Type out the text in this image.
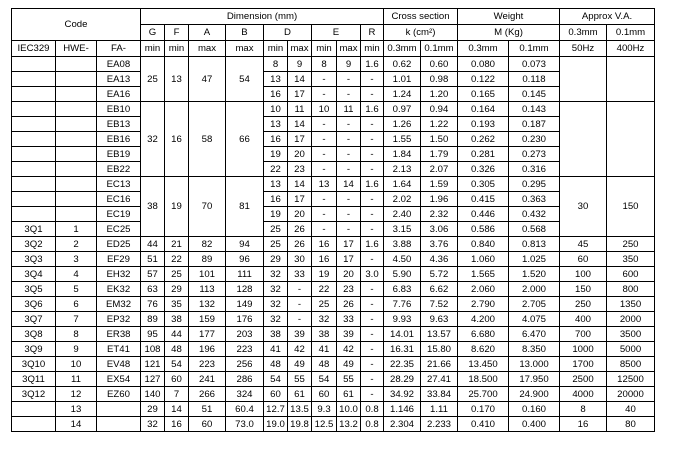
Code			Dimension (mm)									Cross section		Weight		Approx V.A.	
			G	F	A	B	D		E		R	k (cm²)		M (Kg)		0.3mm	0.1mm
IEC329	HWE-	FA-	min	min	max	max	min	max	min	max	min	0.3mm	0.1mm	0.3mm	0.1mm	50Hz	400Hz
		EA08	25	13	47	54	8	9	8	9	1.6	0.62	0.60	0.080	0.073		
		EA13					13	14	-	-	-	1.01	0.98	0.122	0.118		
		EA16					16	17	-	-	-	1.24	1.20	0.165	0.145		
		EB10	32	16	58	66	10	11	10	11	1.6	0.97	0.94	0.164	0.143		
		EB13					13	14	-	-	-	1.26	1.22	0.193	0.187		
		EB16					16	17	-	-	-	1.55	1.50	0.262	0.230		
		EB19					19	20	-	-	-	1.84	1.79	0.281	0.273		
		EB22					22	23	-	-	-	2.13	2.07	0.326	0.316		
		EC13	38	19	70	81	13	14	13	14	1.6	1.64	1.59	0.305	0.295	30	150
		EC16					16	17	-	-	-	2.02	1.96	0.415	0.363		
		EC19					19	20	-	-	-	2.40	2.32	0.446	0.432		
3Q1	1	EC25					25	26	-	-	-	3.15	3.06	0.586	0.568		
3Q2	2	ED25	44	21	82	94	25	26	16	17	1.6	3.88	3.76	0.840	0.813	45	250
3Q3	3	EF29	51	22	89	96	29	30	16	17	-	4.50	4.36	1.060	1.025	60	350
3Q4	4	EH32	57	25	101	111	32	33	19	20	3.0	5.90	5.72	1.565	1.520	100	600
3Q5	5	EK32	63	29	113	128	32	-	22	23	-	6.83	6.62	2.060	2.000	150	800
3Q6	6	EM32	76	35	132	149	32	-	25	26	-	7.76	7.52	2.790	2.705	250	1350
3Q7	7	EP32	89	38	159	176	32	-	32	33	-	9.93	9.63	4.200	4.075	400	2000
3Q8	8	ER38	95	44	177	203	38	39	38	39	-	14.01	13.57	6.680	6.470	700	3500
3Q9	9	ET41	108	48	196	223	41	42	41	42	-	16.31	15.80	8.620	8.350	1000	5000
3Q10	10	EV48	121	54	223	256	48	49	48	49	-	22.35	21.66	13.450	13.000	1700	8500
3Q11	11	EX54	127	60	241	286	54	55	54	55	-	28.29	27.41	18.500	17.950	2500	12500
3Q12	12	EZ60	140	7	266	324	60	61	60	61	-	34.92	33.84	25.700	24.900	4000	20000
	13		29	14	51	60.4	12.7	13.5	9.3	10.0	0.8	1.146	1.11	0.170	0.160	8	40
	14		32	16	60	73.0	19.0	19.8	12.5	13.2	0.8	2.304	2.233	0.410	0.400	16	80
